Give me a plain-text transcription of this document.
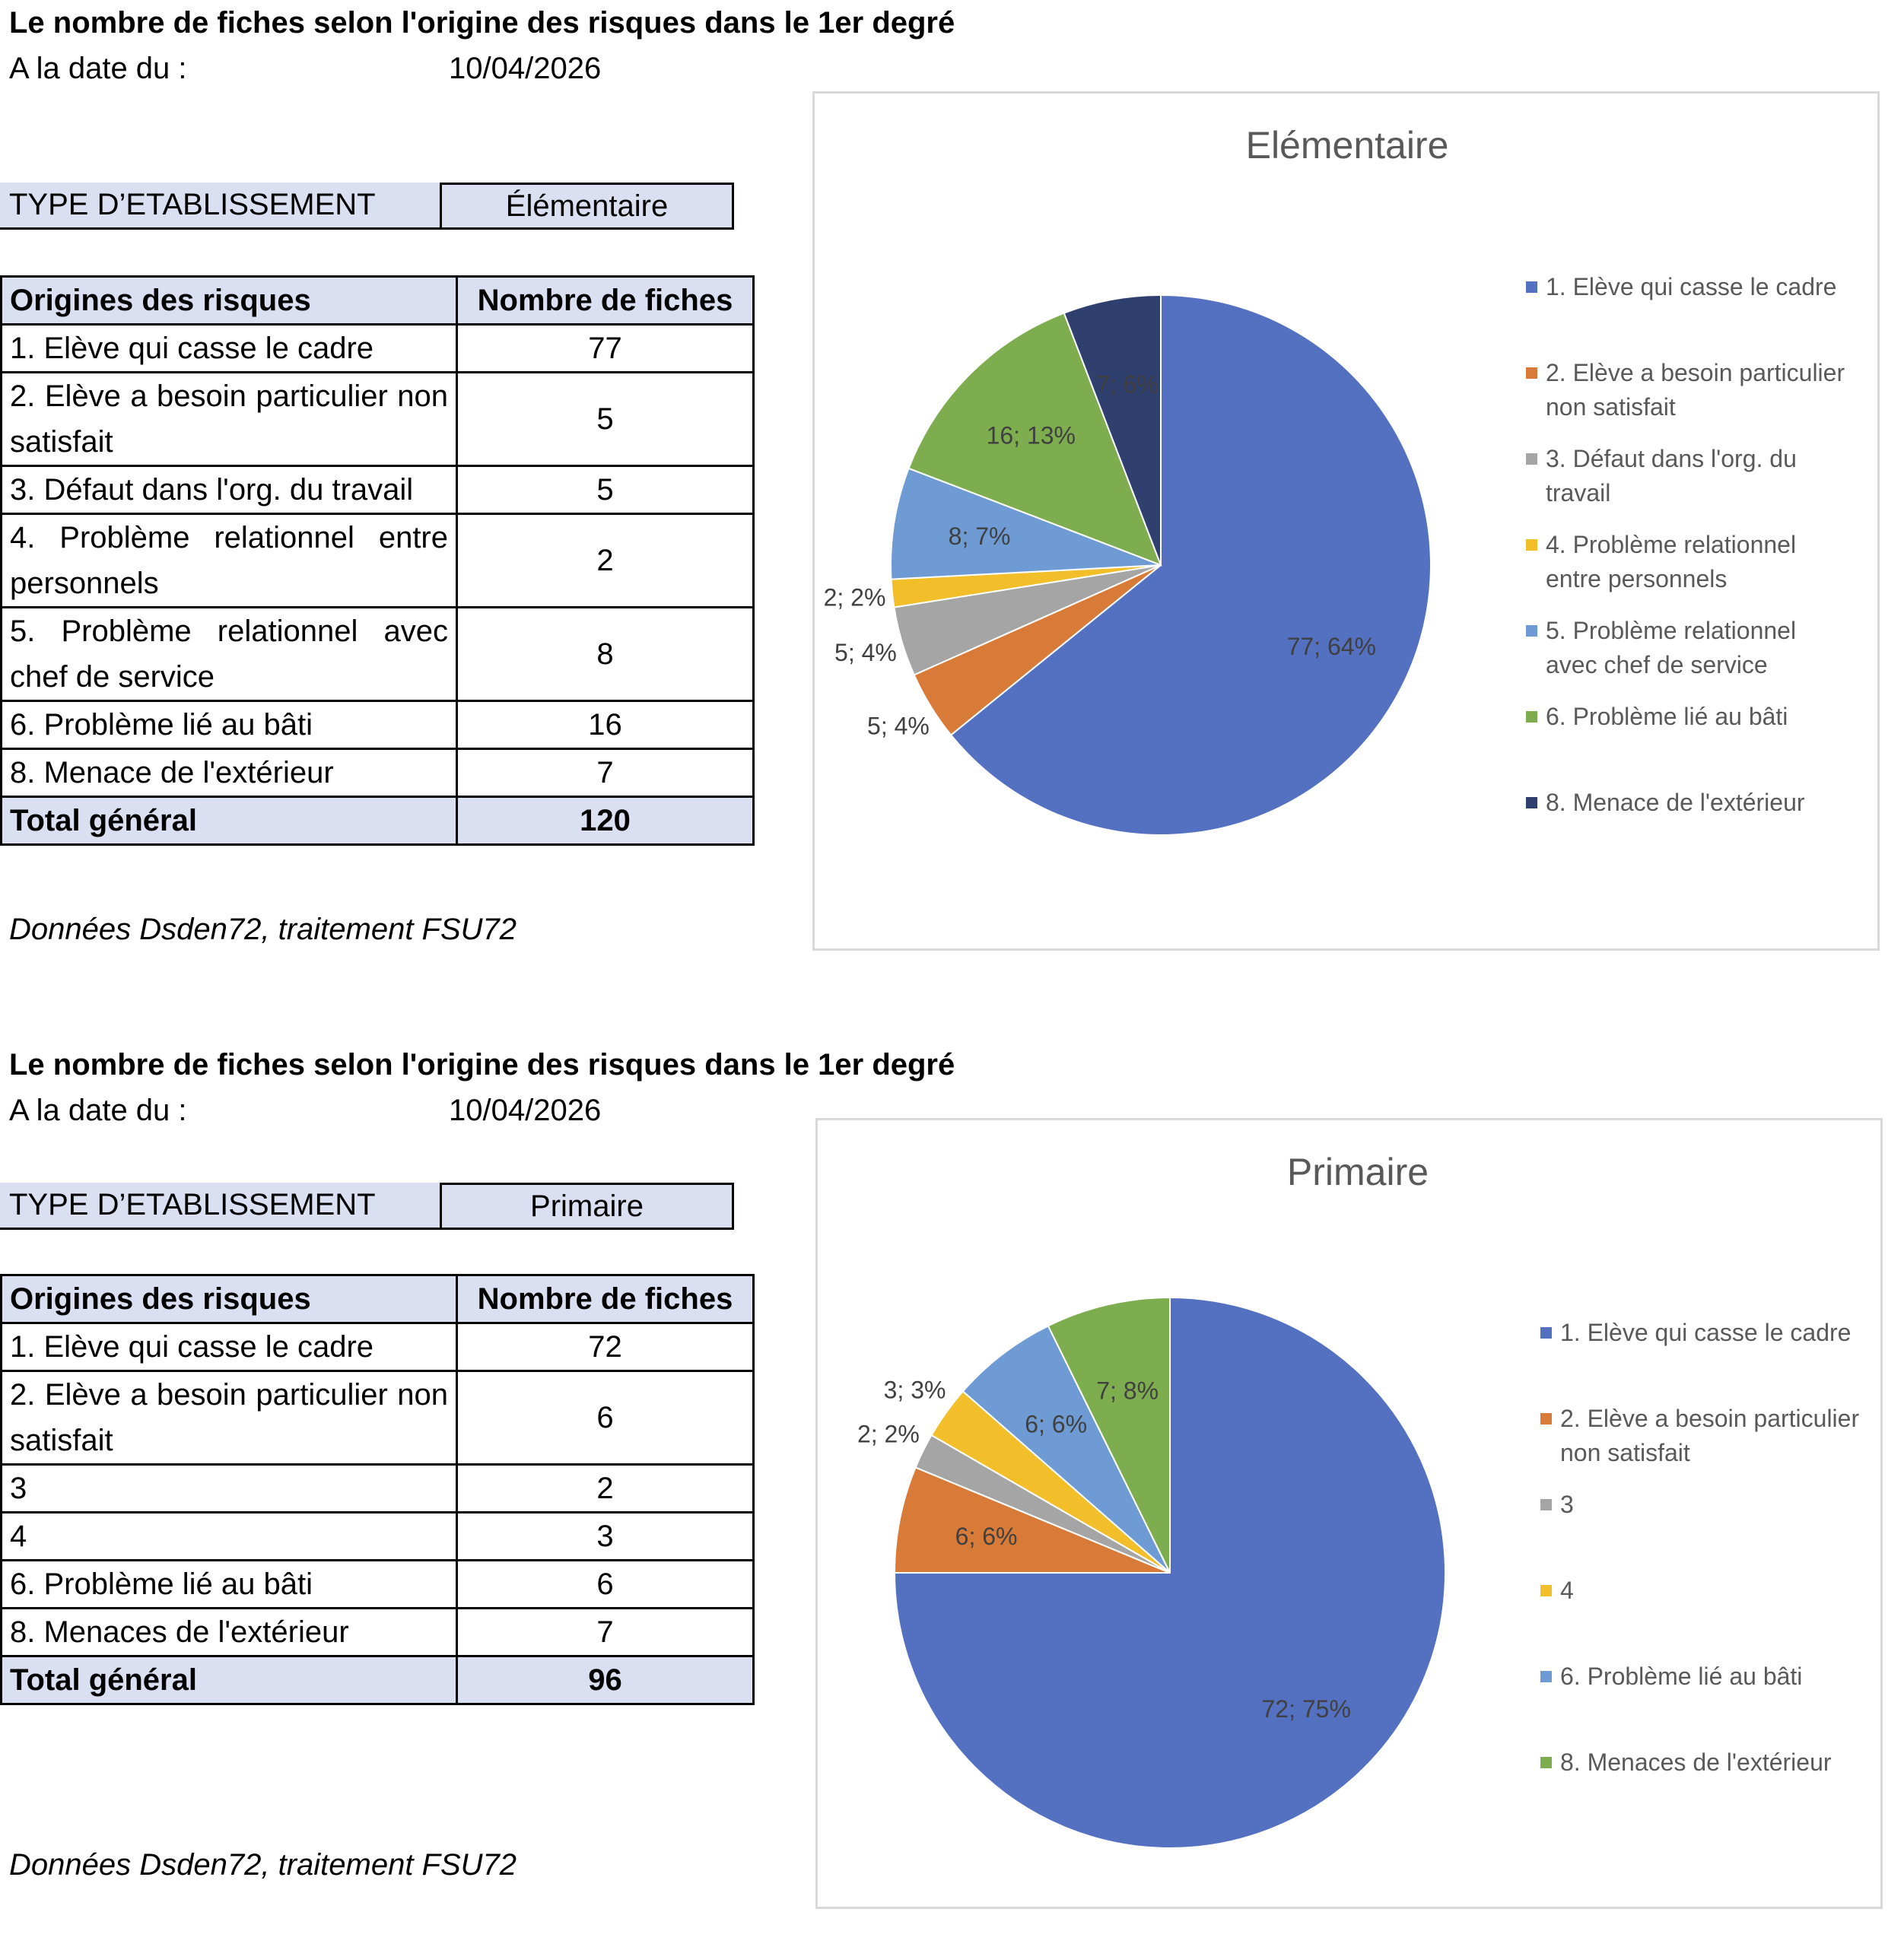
Le nombre de fiches selon l'origine des risques dans le 1er degré
A la date du :	10/04/2026
TYPE D’ETABLISSEMENT	Élémentaire
Origines des risques	Nombre de fiches
1. Elève qui casse le cadre	77
2. Elève a besoin particulier non satisfait	5
3. Défaut dans l'org. du travail	5
4. Problème relationnel entre personnels	2
5. Problème relationnel avec chef de service	8
6. Problème lié au bâti	16
8. Menace de l'extérieur	7
Total général	120
Données Dsden72, traitement FSU72
77; 64%
5; 4%
5; 4%
2; 2%
8; 7%
16; 13%
7; 6%
1. Elève qui casse le cadre
2. Elève a besoin particulier
non satisfait
3. Défaut dans l'org. du
travail
4. Problème relationnel
entre personnels
5. Problème relationnel
avec chef de service
6. Problème lié au bâti
8. Menace de l'extérieur
Elémentaire
Le nombre de fiches selon l'origine des risques dans le 1er degré
A la date du :	10/04/2026
TYPE D’ETABLISSEMENT	Primaire
Origines des risques	Nombre de fiches
1. Elève qui casse le cadre	72
2. Elève a besoin particulier non satisfait	6
3	2
4	3
6. Problème lié au bâti	6
8. Menaces de l'extérieur	7
Total général	96
Données Dsden72, traitement FSU72
72; 75%
6; 6%
2; 2%
3; 3%
6; 6%
7; 8%
1. Elève qui casse le cadre
2. Elève a besoin particulier
non satisfait
3
4
6. Problème lié au bâti
8. Menaces de l'extérieur
Primaire
